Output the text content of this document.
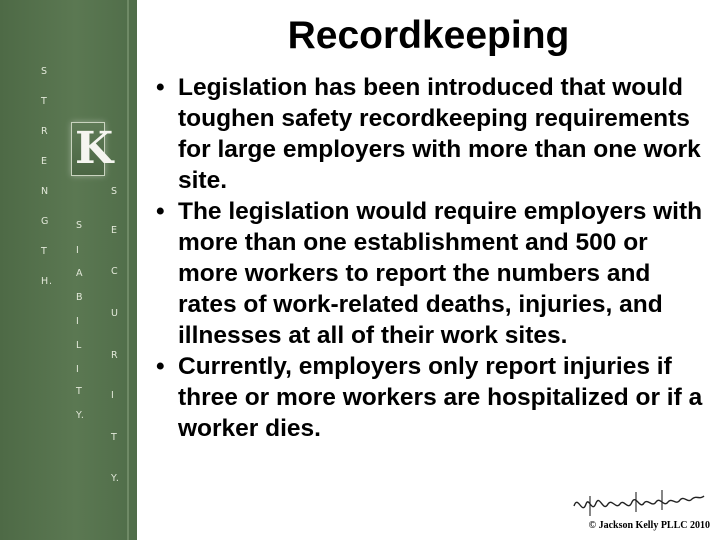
S
T
R
E
N
G
T
H.
S
I
A
B
I
L
I
T
Y.
S
E
C
U
R
I
T
Y.
K
Recordkeeping
• Legislation has been introduced that would toughen safety recordkeeping requirements for large employers with more than one work site.
• The legislation would require employers with more than one establishment and 500 or more workers to report the numbers and rates of work-related deaths, injuries, and illnesses at all of their work sites.
• Currently, employers only report injuries if three or more workers are hospitalized or if a worker dies.
© Jackson Kelly PLLC 2010
